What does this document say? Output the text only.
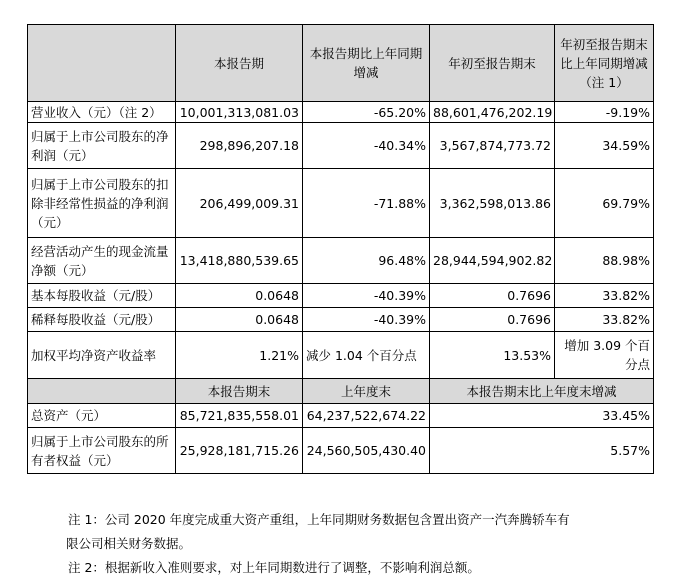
	本报告期	本报告期比上年同期增减	年初至报告期末	年初至报告期末比上年同期增减（注 1）
营业收入（元）（注 2）	10,001,313,081.03	-65.20%	88,601,476,202.19	-9.19%
归属于上市公司股东的净利润（元）	298,896,207.18	-40.34%	3,567,874,773.72	34.59%
归属于上市公司股东的扣除非经常性损益的净利润（元）	206,499,009.31	-71.88%	3,362,598,013.86	69.79%
经营活动产生的现金流量净额（元）	13,418,880,539.65	96.48%	28,944,594,902.82	88.98%
基本每股收益（元/股）	0.0648	-40.39%	0.7696	33.82%
稀释每股收益（元/股）	0.0648	-40.39%	0.7696	33.82%
加权平均净资产收益率	1.21%	减少 1.04 个百分点	13.53%	增加 3.09 个百分点
	本报告期末	上年度末	本报告期末比上年度末增减	
总资产（元）	85,721,835,558.01	64,237,522,674.22	33.45%	
归属于上市公司股东的所有者权益（元）	25,928,181,715.26	24,560,505,430.40	5.57%	

注 1：公司 2020 年度完成重大资产重组，上年同期财务数据包含置出资产一汽奔腾轿车有

限公司相关财务数据。

注 2：根据新收入准则要求，对上年同期数进行了调整，不影响利润总额。
